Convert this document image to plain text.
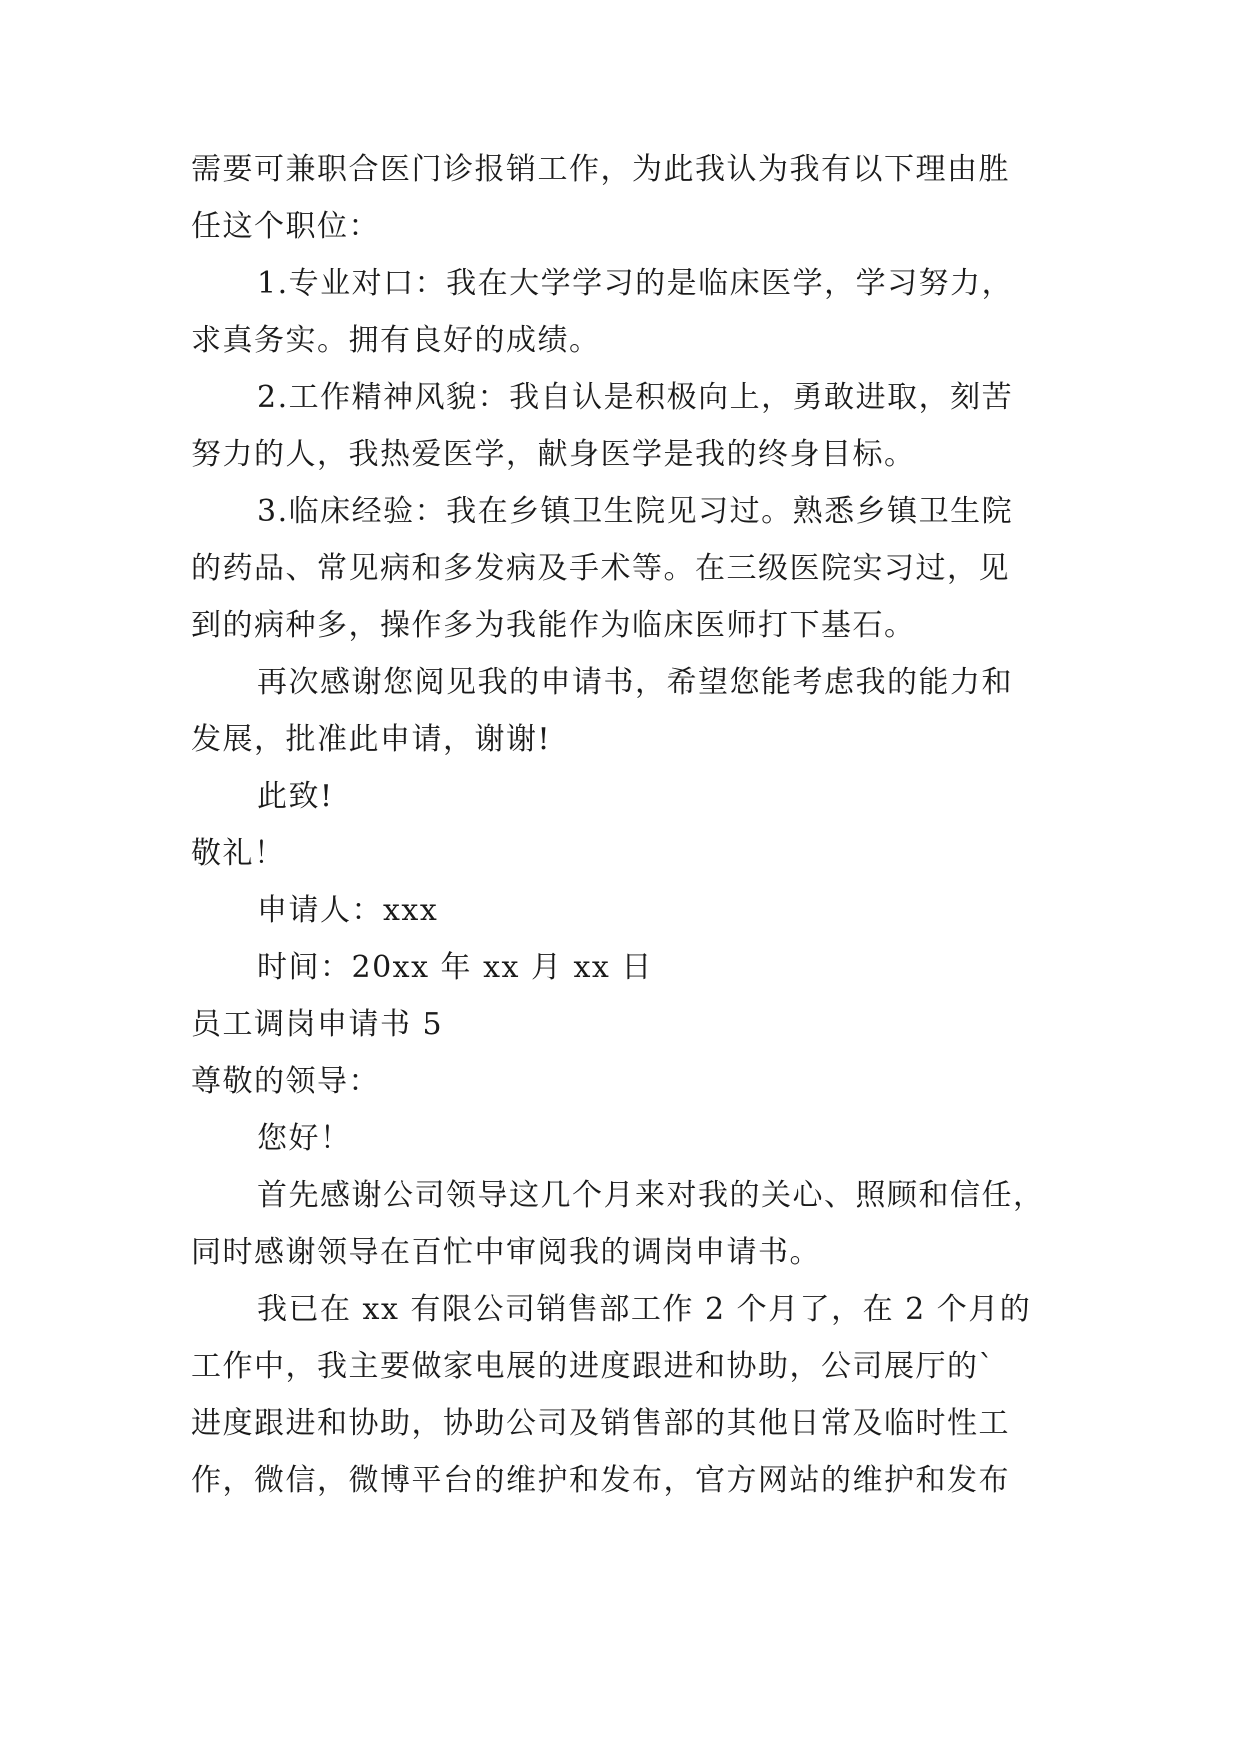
需要可兼职合医门诊报销工作，为此我认为我有以下理由胜
任这个职位：
1.专业对口：我在大学学习的是临床医学，学习努力，
求真务实。拥有良好的成绩。
2.工作精神风貌：我自认是积极向上，勇敢进取，刻苦
努力的人，我热爱医学，献身医学是我的终身目标。
3.临床经验：我在乡镇卫生院见习过。熟悉乡镇卫生院
的药品、常见病和多发病及手术等。在三级医院实习过，见
到的病种多，操作多为我能作为临床医师打下基石。
再次感谢您阅见我的申请书，希望您能考虑我的能力和
发展，批准此申请，谢谢!
此致!
敬礼！
申请人：xxx
时间：20xx 年 xx 月 xx 日
员工调岗申请书 5
尊敬的领导：
您好！
首先感谢公司领导这几个月来对我的关心、照顾和信任，
同时感谢领导在百忙中审阅我的调岗申请书。
我已在 xx 有限公司销售部工作 2 个月了，在 2 个月的
工作中，我主要做家电展的进度跟进和协助，公司展厅的`
进度跟进和协助，协助公司及销售部的其他日常及临时性工
作，微信，微博平台的维护和发布，官方网站的维护和发布
